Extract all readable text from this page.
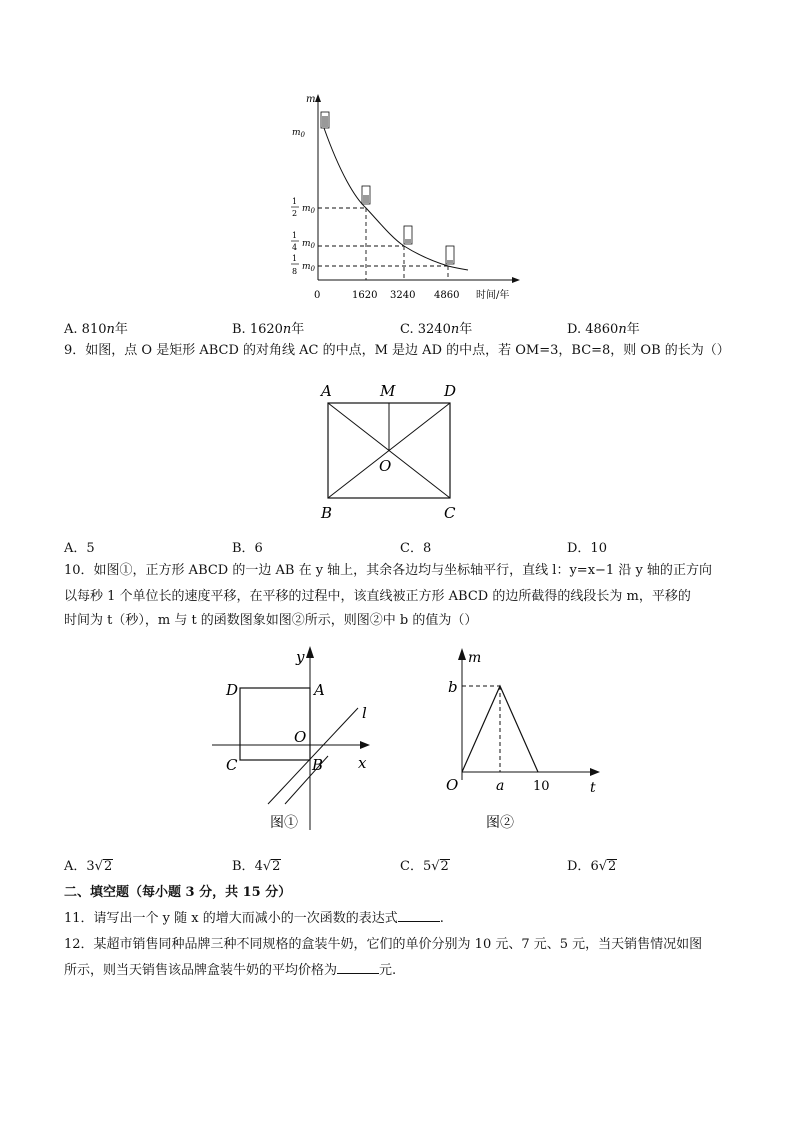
m
$m_0$
1
2 $m_0$
1
4 $m_0$
1
8 $m_0$
0	1620 3240 4860 时间/年
A. 810n年	B. 1620n年	C. 3240n年	D. 4860n年
9．如图，点 O 是矩形 ABCD 的对角线 AC 的中点，M 是边 AD 的中点，若 OM=3，BC=8，则 OB 的长为（）
A	M	D
O
B	C
A．5	B．6	C．8	D．10
10．如图①，正方形 ABCD 的一边 AB 在 y 轴上，其余各边均与坐标轴平行，直线 l：y=x−1 沿 y 轴的正方向
以每秒 1 个单位长的速度平移，在平移的过程中，该直线被正方形 ABCD 的边所截得的线段长为 m，平移的
时间为 t（秒），m 与 t 的函数图象如图②所示，则图②中 b 的值为（）
y
x
l
D	A
O
C	B
图①
m
b
O	a 10	t
图②
A．3√2	B．4√2	C．5√2	D．6√2
二、填空题（每小题 3 分，共 15 分）
11．请写出一个 y 随 x 的增大而减小的一次函数的表达式	.
12．某超市销售同种品牌三种不同规格的盒装牛奶，它们的单价分别为 10 元、7 元、5 元，当天销售情况如图
所示，则当天销售该品牌盒装牛奶的平均价格为	元.
